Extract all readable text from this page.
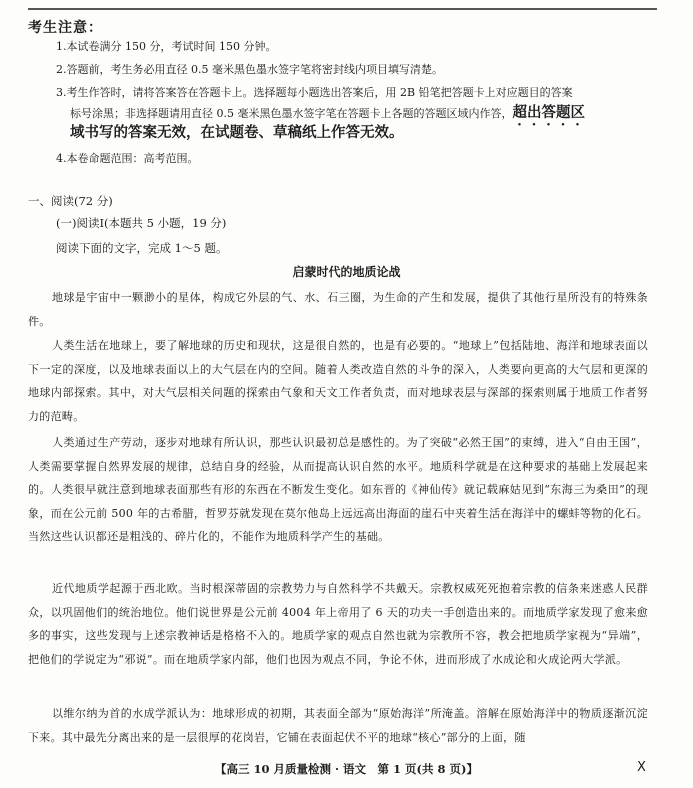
考生注意：
1.本试卷满分 150 分，考试时间 150 分钟。
2.答题前，考生务必用直径 0.5 毫米黑色墨水签字笔将密封线内项目填写清楚。
3.考生作答时，请将答案答在答题卡上。选择题每小题选出答案后，用 2B 铅笔把答题卡上对应题目的答案
标号涂黑；非选择题请用直径 0.5 毫米黑色墨水签字笔在答题卡上各题的答题区域内作答，超出答题区
域书写的答案无效，在试题卷、草稿纸上作答无效。
4.本卷命题范围：高考范围。
一、阅读(72 分)
(一)阅读Ⅰ(本题共 5 小题，19 分)
阅读下面的文字，完成 1～5 题。
启蒙时代的地质论战
地球是宇宙中一颗渺小的星体，构成它外层的气、水、石三圈，为生命的产生和发展，提供了其他行星所没有的特殊条件。
人类生活在地球上，要了解地球的历史和现状，这是很自然的，也是有必要的。“地球上”包括陆地、海洋和地球表面以下一定的深度，以及地球表面以上的大气层在内的空间。随着人类改造自然的斗争的深入，人类要向更高的大气层和更深的地球内部探索。其中，对大气层相关问题的探索由气象和天文工作者负责，而对地球表层与深部的探索则属于地质工作者努力的范畴。
人类通过生产劳动，逐步对地球有所认识，那些认识最初总是感性的。为了突破“必然王国”的束缚，进入“自由王国”，人类需要掌握自然界发展的规律，总结自身的经验，从而提高认识自然的水平。地质科学就是在这种要求的基础上发展起来的。人类很早就注意到地球表面那些有形的东西在不断发生变化。如东晋的《神仙传》就记载麻姑见到“东海三为桑田”的现象，而在公元前 500 年的古希腊，哲罗芬就发现在莫尔他岛上远远高出海面的崖石中夹着生活在海洋中的螺蚌等物的化石。当然这些认识都还是粗浅的、碎片化的，不能作为地质科学产生的基础。
近代地质学起源于西北欧。当时根深蒂固的宗教势力与自然科学不共戴天。宗教权威死死抱着宗教的信条来迷惑人民群众，以巩固他们的统治地位。他们说世界是公元前 4004 年上帝用了 6 天的功夫一手创造出来的。而地质学家发现了愈来愈多的事实，这些发现与上述宗教神话是格格不入的。地质学家的观点自然也就为宗教所不容，教会把地质学家视为“异端”，把他们的学说定为“邪说”。而在地质学家内部，他们也因为观点不同，争论不休，进而形成了水成论和火成论两大学派。
以维尔纳为首的水成学派认为：地球形成的初期，其表面全部为“原始海洋”所淹盖。溶解在原始海洋中的物质逐渐沉淀下来。其中最先分离出来的是一层很厚的花岗岩，它铺在表面起伏不平的地球“核心”部分的上面，随
【高三 10 月质量检测 · 语文　第 1 页(共 8 页)】	X
